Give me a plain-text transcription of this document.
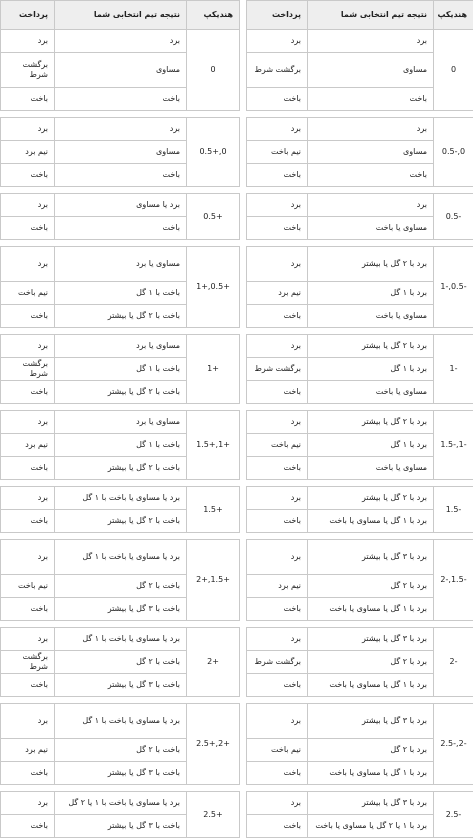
هندیکپ	نتیجه تیم انتخابی شما	پرداخت		هندیکپ	نتیجه تیم انتخابی شما	پرداخت
0	برد	برد		0	برد	برد
	مساوی	برگشت شرط			مساوی	برگشت شرط
	باخت	باخت			باخت	باخت

0,-0.5	برد	برد		0,+0.5	برد	برد
	مساوی	نیم باخت			مساوی	نیم برد
	باخت	باخت			باخت	باخت

-0.5	برد	برد		+0.5	برد یا مساوی	برد
	مساوی یا باخت	باخت			باخت	باخت

-0.5,-1	برد با ۲ گل یا بیشتر	برد		+0.5,+1	مساوی یا برد	برد
	برد با ۱ گل	نیم برد			باخت با ۱ گل	نیم باخت
	مساوی یا باخت	باخت			باخت با ۲ گل یا بیشتر	باخت

-1	برد با ۲ گل یا بیشتر	برد		+1	مساوی یا برد	برد
	برد با ۱ گل	برگشت شرط			باخت با ۱ گل	برگشت شرط
	مساوی یا باخت	باخت			باخت با ۲ گل یا بیشتر	باخت

-1,-1.5	برد با ۲ گل یا بیشتر	برد		+1,+1.5	مساوی یا برد	برد
	برد با ۱ گل	نیم باخت			باخت با ۱ گل	نیم برد
	مساوی یا باخت	باخت			باخت با ۲ گل یا بیشتر	باخت

-1.5	برد با ۲ گل یا بیشتر	برد		+1.5	برد یا مساوی یا باخت با ۱ گل	برد
	برد با ۱ گل یا مساوی یا باخت	باخت			باخت با ۲ گل یا بیشتر	باخت

-1.5,-2	برد با ۳ گل یا بیشتر	برد		+1.5,+2	برد یا مساوی یا باخت با ۱ گل	برد
	برد با ۲ گل	نیم برد			باخت با ۲ گل	نیم باخت
	برد با ۱ گل یا مساوی یا باخت	باخت			باخت با ۳ گل یا بیشتر	باخت

-2	برد با ۳ گل یا بیشتر	برد		+2	برد یا مساوی یا باخت با ۱ گل	برد
	برد با ۲ گل	برگشت شرط			باخت با ۲ گل	برگشت شرط
	برد با ۱ گل یا مساوی یا باخت	باخت			باخت با ۳ گل یا بیشتر	باخت

-2,-2.5	برد با ۳ گل یا بیشتر	برد		+2,+2.5	برد یا مساوی یا باخت با ۱ گل	برد
	برد با ۲ گل	نیم باخت			باخت با ۲ گل	نیم برد
	برد با ۱ گل یا مساوی یا باخت	باخت			باخت با ۳ گل یا بیشتر	باخت

-2.5	برد با ۳ گل یا بیشتر	برد		+2.5	برد یا مساوی یا باخت با ۱ یا ۲ گل	برد
	برد با ۱ یا ۲ گل یا مساوی یا باخت	باخت			باخت با ۳ گل یا بیشتر	باخت
